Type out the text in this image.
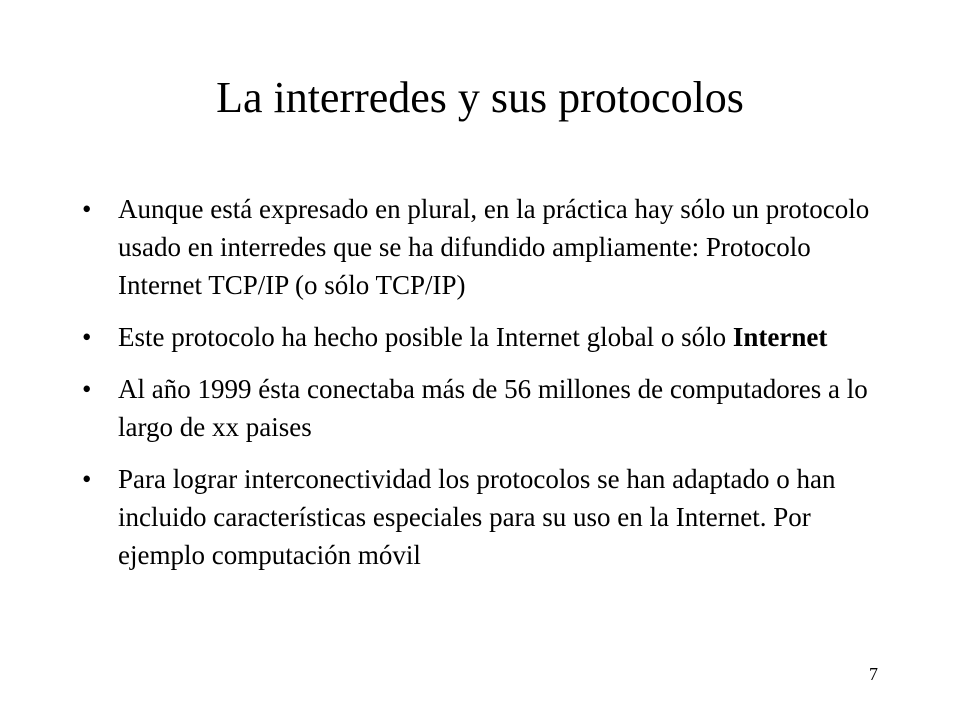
La interredes y sus protocolos
• Aunque está expresado en plural, en la práctica hay sólo un protocolo usado en interredes que se ha difundido ampliamente: Protocolo Internet TCP/IP (o sólo TCP/IP)
• Este protocolo ha hecho posible la Internet global o sólo Internet
• Al año 1999 ésta conectaba más de 56 millones de computadores a lo largo de xx paises
• Para lograr interconectividad los protocolos se han adaptado o han incluido características especiales para su uso en la Internet. Por ejemplo computación móvil
7
